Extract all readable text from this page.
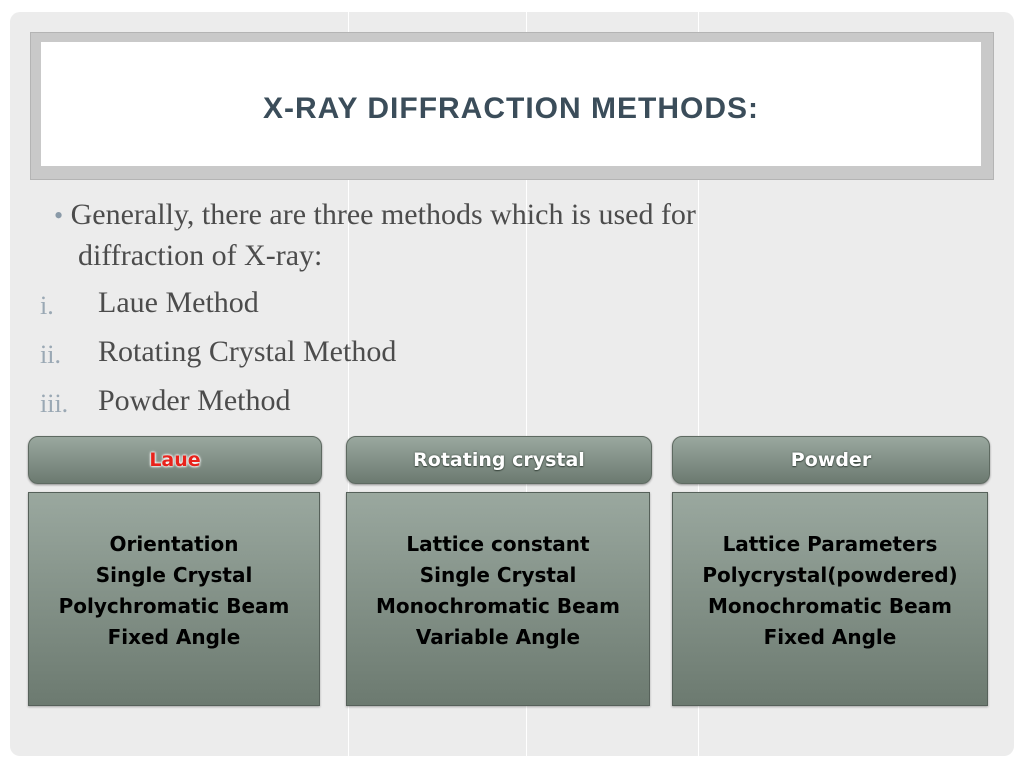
X-RAY DIFFRACTION METHODS:
• Generally, there are three methods which is used for
diffraction of X-ray:
i. Laue Method
ii. Rotating Crystal Method
iii. Powder Method
Laue	Rotating crystal	Powder
Orientation
Single Crystal
Polychromatic Beam
Fixed Angle
Lattice constant
Single Crystal
Monochromatic Beam
Variable Angle
Lattice Parameters
Polycrystal(powdered)
Monochromatic Beam
Fixed Angle
